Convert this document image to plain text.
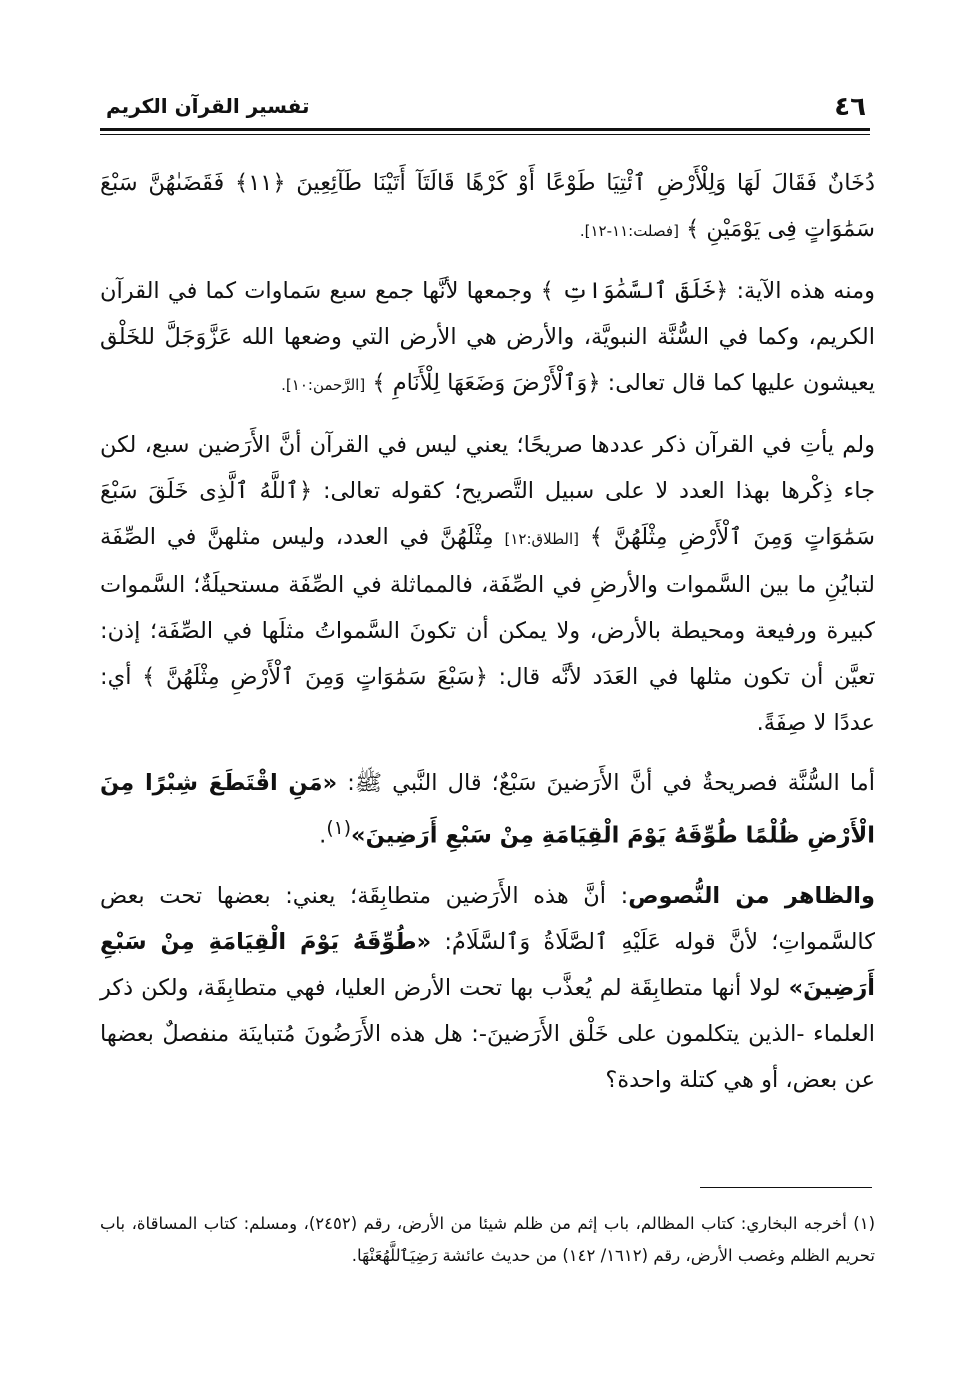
٤٦
تفسير القرآن الكريم

دُخَانٌ فَقَالَ لَهَا وَلِلْأَرْضِ ٱئْتِيَا طَوْعًا أَوْ كَرْهًا قَالَتَآ أَتَيْنَا طَآئِعِينَ ﴿١١﴾ فَقَضَىٰهُنَّ سَبْعَ سَمَٰوَاتٍ فِى يَوْمَيْنِ ﴾ [فصلت:١١-١٢].

ومنه هذه الآية: ﴿خَلَقَ ٱلسَّمَٰوَاتِ ﴾ وجمعها لأنَّها جمع سبع سَماوات كما في القرآن الكريم، وكما في السُّنَّة النبويَّة، والأرض هي الأرض التي وضعها الله عَزَّوَجَلَّ للخَلْق يعيشون عليها كما قال تعالى: ﴿وَٱلْأَرْضَ وَضَعَهَا لِلْأَنَامِ ﴾ [الرَّحمن:١٠].

ولم يأتِ في القرآن ذكر عددها صريحًا؛ يعني ليس في القرآن أنَّ الأَرَضين سبع، لكن جاء ذِكْرها بهذا العدد لا على سبيل التَّصريح؛ كقوله تعالى: ﴿ٱللَّهُ ٱلَّذِى خَلَقَ سَبْعَ سَمَٰوَاتٍ وَمِنَ ٱلْأَرْضِ مِثْلَهُنَّ ﴾ [الطلاق:١٢] مِثْلَهُنَّ في العدد، وليس مثلهنَّ في الصِّفَة لتبايُنِ ما بين السَّموات والأرضِ في الصِّفَة، فالمماثلة في الصِّفَة مستحيلَةٌ؛ السَّموات كبيرة ورفيعة ومحيطة بالأرض، ولا يمكن أن تكونَ السَّمواتُ مثلَها في الصِّفَة؛ إذن: تعيَّن أن تكون مثلها في العَدَد لأنَّه قال: ﴿سَبْعَ سَمَٰوَاتٍ وَمِنَ ٱلْأَرْضِ مِثْلَهُنَّ ﴾ أي: عددًا لا صِفَةً.

أما السُّنَّة فصريحةٌ في أنَّ الأَرَضينَ سَبْعٌ؛ قال النَّبي ﷺ: «مَنِ اقْتَطَعَ شِبْرًا مِنَ الْأَرْضِ ظُلْمًا طُوِّقَهُ يَوْمَ الْقِيَامَةِ مِنْ سَبْعِ أَرَضِينَ»$^{(١)}$.

والظاهر من النُّصوص: أنَّ هذه الأَرَضين متطابِقَة؛ يعني: بعضها تحت بعض كالسَّمواتِ؛ لأنَّ قوله عَلَيْهِ ٱلصَّلَاةُ وَٱلسَّلَامُ: «طُوِّقَهُ يَوْمَ الْقِيَامَةِ مِنْ سَبْعِ أَرَضِينَ» لولا أنها متطابِقَة لم يُعذَّب بها تحت الأرض العليا، فهي متطابِقَة، ولكن ذكر العلماء -الذين يتكلمون على خَلْق الأَرَضينَ-: هل هذه الأَرَضُونَ مُتباينَة منفصلٌ بعضها عن بعض، أو هي كتلة واحدة؟

(١) أخرجه البخاري: كتاب المظالم، باب إثم من ظلم شيئا من الأرض، رقم (٢٤٥٢)، ومسلم: كتاب المساقاة، باب تحريم الظلم وغصب الأرض، رقم (١٦١٢/ ١٤٢) من حديث عائشة رَضِيَٱللَّهُعَنْهَا.
